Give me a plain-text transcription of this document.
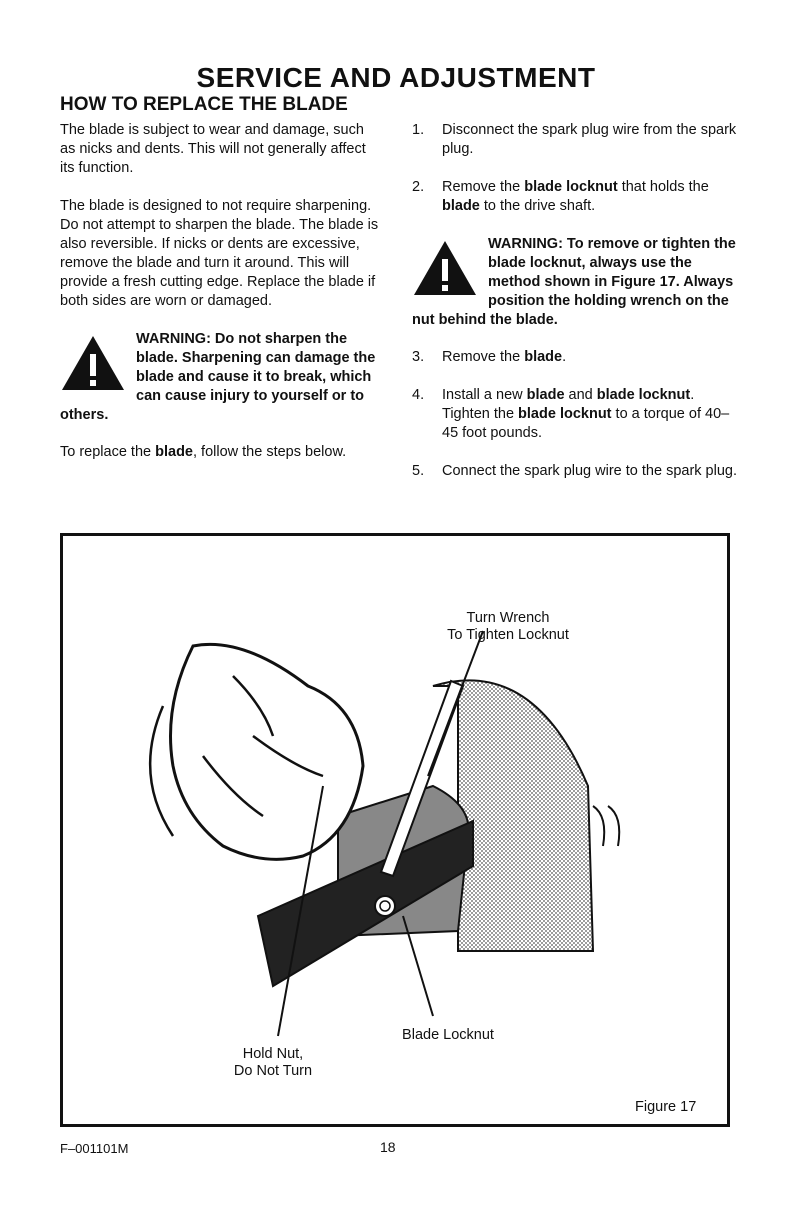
SERVICE AND ADJUSTMENT
HOW TO REPLACE THE BLADE

The blade is subject to wear and damage, such as nicks and dents. This will not generally affect its function.

The blade is designed to not require sharpening. Do not attempt to sharpen the blade. The blade is also reversible. If nicks or dents are excessive, remove the blade and turn it around. This will provide a fresh cutting edge. Replace the blade if both sides are worn or damaged.

WARNING: Do not sharpen the blade. Sharpening can damage the blade and cause it to break, which can cause injury to yourself or to others.

To replace the blade, follow the steps below.

1.	Disconnect the spark plug wire from the spark plug.
2.	Remove the blade locknut that holds the blade to the drive shaft.
WARNING: To remove or tighten the blade locknut, always use the method shown in Figure 17. Always position the holding wrench on the nut behind the blade.
3.	Remove the blade.
4.	Install a new blade and blade locknut. Tighten the blade locknut to a torque of 40–45 foot pounds.
5.	Connect the spark plug wire to the spark plug.
Turn Wrench
To Tighten Locknut
Hold Nut,
Do Not Turn
Blade Locknut
Figure 17
F–001101M	18
